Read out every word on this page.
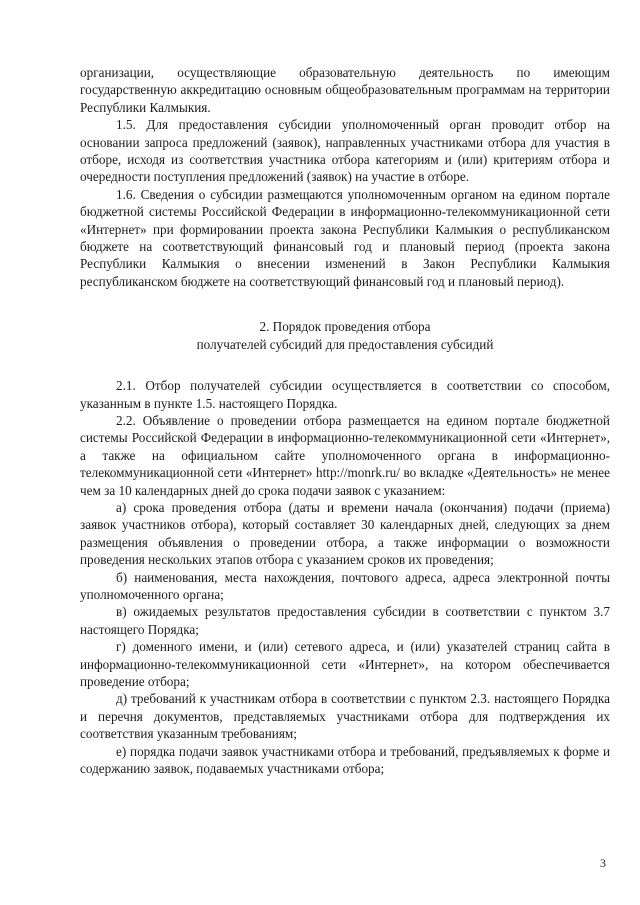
организации, осуществляющие образовательную деятельность по имеющим государственную аккредитацию основным общеобразовательным программам на территории Республики Калмыкия.

1.5. Для предоставления субсидии уполномоченный орган проводит отбор на основании запроса предложений (заявок), направленных участниками отбора для участия в отборе, исходя из соответствия участника отбора категориям и (или) критериям отбора и очередности поступления предложений (заявок) на участие в отборе.

1.6. Сведения о субсидии размещаются уполномоченным органом на едином портале бюджетной системы Российской Федерации в информационно-телекоммуникационной сети «Интернет» при формировании проекта закона Республики Калмыкия о республиканском бюджете на соответствующий финансовый год и плановый период (проекта закона Республики Калмыкия о внесении изменений в Закон Республики Калмыкия республиканском бюджете на соответствующий финансовый год и плановый период).

2. Порядок проведения отбора

получателей субсидий для предоставления субсидий

2.1. Отбор получателей субсидии осуществляется в соответствии со способом, указанным в пункте 1.5. настоящего Порядка.

2.2. Объявление о проведении отбора размещается на едином портале бюджетной системы Российской Федерации в информационно-телекоммуникационной сети «Интернет», а также на официальном сайте уполномоченного органа в информационно-телекоммуникационной сети «Интернет» http://monrk.ru/ во вкладке «Деятельность» не менее чем за 10 календарных дней до срока подачи заявок с указанием:

а) срока проведения отбора (даты и времени начала (окончания) подачи (приема) заявок участников отбора), который составляет 30 календарных дней, следующих за днем размещения объявления о проведении отбора, а также информации о возможности проведения нескольких этапов отбора с указанием сроков их проведения;

б) наименования, места нахождения, почтового адреса, адреса электронной почты уполномоченного органа;

в) ожидаемых результатов предоставления субсидии в соответствии с пунктом 3.7 настоящего Порядка;

г) доменного имени, и (или) сетевого адреса, и (или) указателей страниц сайта в информационно-телекоммуникационной сети «Интернет», на котором обеспечивается проведение отбора;

д) требований к участникам отбора в соответствии с пунктом 2.3. настоящего Порядка и перечня документов, представляемых участниками отбора для подтверждения их соответствия указанным требованиям;

е) порядка подачи заявок участниками отбора и требований, предъявляемых к форме и содержанию заявок, подаваемых участниками отбора;

3
